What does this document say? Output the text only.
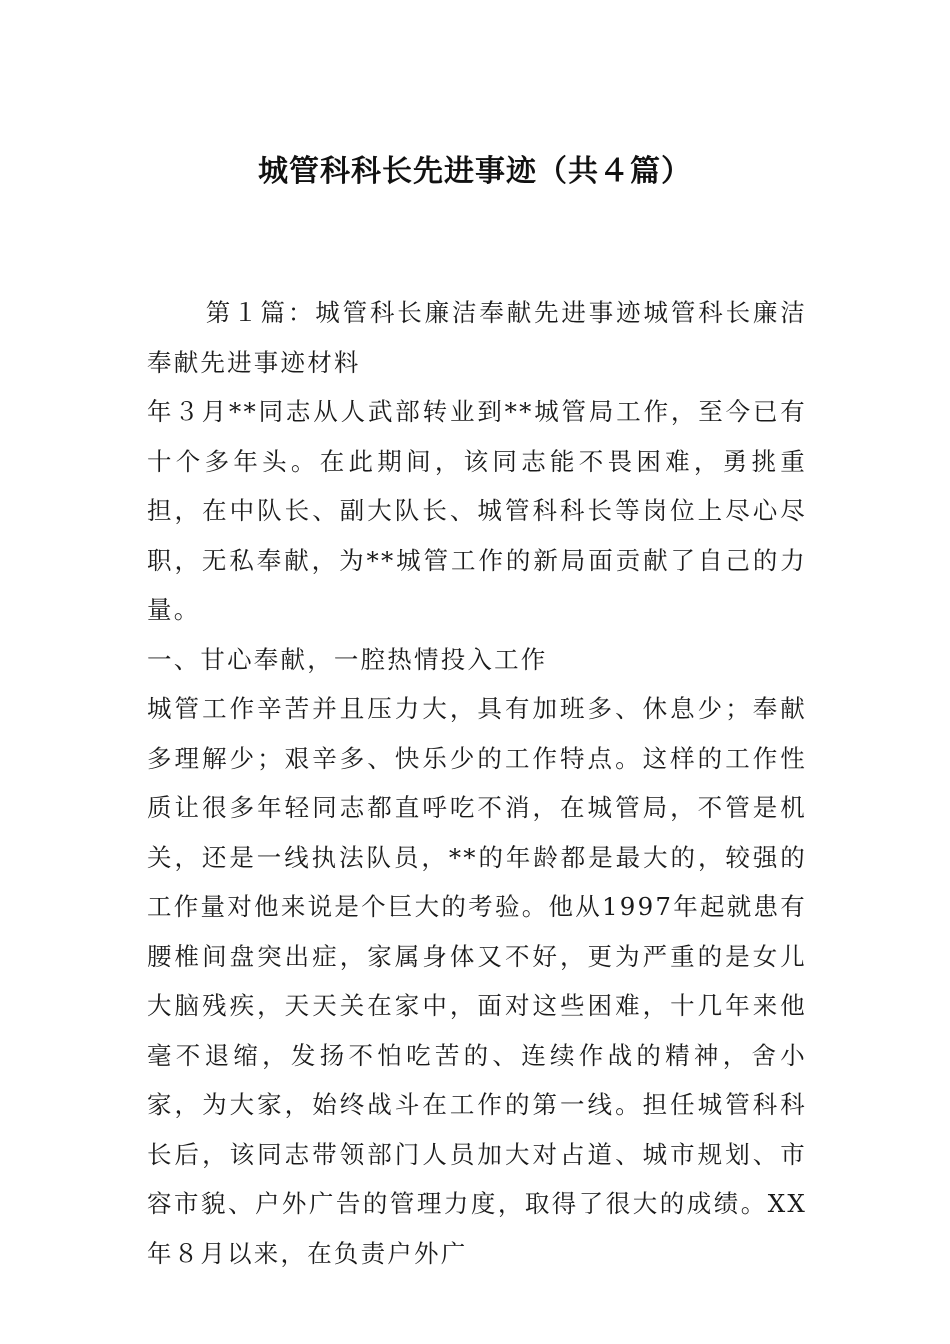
城管科科长先进事迹（共４篇）

第１篇：城管科长廉洁奉献先进事迹城管科长廉洁奉献先进事迹材料

年３月**同志从人武部转业到**城管局工作，至今已有十个多年头。在此期间，该同志能不畏困难，勇挑重担，在中队长、副大队长、城管科科长等岗位上尽心尽职，无私奉献，为**城管工作的新局面贡献了自己的力量。

一、甘心奉献，一腔热情投入工作

城管工作辛苦并且压力大，具有加班多、休息少；奉献多理解少；艰辛多、快乐少的工作特点。这样的工作性质让很多年轻同志都直呼吃不消，在城管局，不管是机关，还是一线执法队员，**的年龄都是最大的，较强的工作量对他来说是个巨大的考验。他从1997年起就患有腰椎间盘突出症，家属身体又不好，更为严重的是女儿大脑残疾，天天关在家中，面对这些困难，十几年来他毫不退缩，发扬不怕吃苦的、连续作战的精神，舍小家，为大家，始终战斗在工作的第一线。担任城管科科长后，该同志带领部门人员加大对占道、城市规划、市容市貌、户外广告的管理力度，取得了很大的成绩。XX年８月以来，在负责户外广
